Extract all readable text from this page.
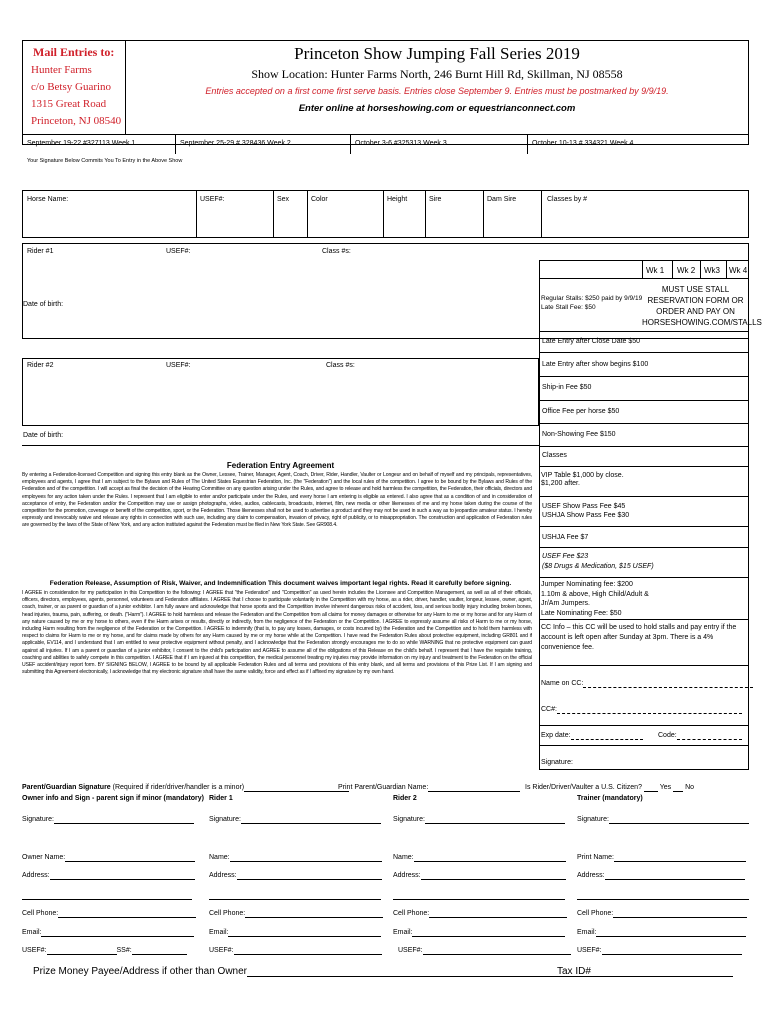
Mail Entries to:
Hunter Farms
c/o Betsy Guarino
1315 Great Road
Princeton, NJ 08540
Princeton Show Jumping Fall Series 2019
Show Location: Hunter Farms North, 246 Burnt Hill Rd, Skillman, NJ 08558
Entries accepted on a first come first serve basis. Entries close September 9. Entries must be postmarked by 9/9/19.
Enter online at horseshowing.com or equestrianconnect.com
September 19-22 #327113 Week 1	September 25-29 # 328436 Week 2	October 3-6 #325313 Week 3	October 10-13 # 334321 Week 4
Your Signature Below Commits You To Entry in the Above Show
Horse Name:	USEF#:	Sex	Color	Height	Sire	Dam Sire	Classes by #
Rider #1	USEF#:	Class #s:
Date of birth:
Rider #2	USEF#:	Class #s:
Date of birth:
Wk 1 Wk 2 Wk3 Wk 4
Regular Stalls: $250 paid by 9/9/19
Late Stall Fee: $50
MUST USE STALL RESERVATION FORM OR ORDER AND PAY ON HORSESHOWING.COM/STALLS
Late Entry after Close Date $50
Late Entry after show begins $100
Ship-in Fee $50
Office Fee per horse $50
Non-Showing Fee $150
Classes
VIP Table $1,000 by close.
$1,200 after.
USEF Show Pass Fee $45
USHJA Show Pass Fee $30
USHJA Fee $7
USEF Fee $23
($8 Drugs & Medication, $15 USEF)
Jumper Nominating fee: $200
1.10m & above, High Child/Adult &
Jr/Am Jumpers.
Late Nominating Fee: $50
CC Info – this CC will be used to hold stalls and pay entry if the account is left open after Sunday at 3pm. There is a 4% convenience fee.
Name on CC:
CC#:
Exp date:	Code:
Signature:
Federation Entry Agreement
By entering a Federation-licensed Competition and signing this entry blank as the Owner, Lessee, Trainer, Manager, Agent, Coach, Driver, Rider, Handler, Vaulter or Longeur and on behalf of myself and my principals, representatives, employees and agents, I agree that I am subject to the Bylaws and Rules of The United States Equestrian Federation, Inc. (the "Federation") and the local rules of the competition. I agree to be bound by the Bylaws and Rules of the Federation and of the competition. I will accept as final the decision of the Hearing Committee on any question arising under the Rules, and agree to release and hold harmless the competition, the Federation, their officials, directors and employees for any action taken under the Rules. I represent that I am eligible to enter and/or participate under the Rules, and every horse I am entering is eligible as entered. I also agree that as a condition of and in consideration of acceptance of entry, the Federation and/or the Competition may use or assign photographs, video, audios, cablecasts, broadcasts, internet, film, new media or other likenesses of me and my horse taken during the course of the competition for the promotion, coverage or benefit of the competition, sport, or the Federation. Those likenesses shall not be used to advertise a product and they may not be used in such a way as to jeopardize amateur status. I hereby expressly and irrevocably waive and release any rights in connection with such use, including any claim to compensation, invasion of privacy, right of publicity, or to misappropriation. The construction and application of Federation rules are governed by the laws of the State of New York, and any action instituted against the Federation must be filed in New York State. See GR908.4.
Federation Release, Assumption of Risk, Waiver, and Indemnification This document waives important legal rights. Read it carefully before signing.
I AGREE in consideration for my participation in this Competition to the following: I AGREE that "the Federation" and "Competition" as used herein includes the Licensee and Competition Management, as well as all of their officials, officers, directors, employees, agents, personnel, volunteers and Federation affiliates. I AGREE that I choose to participate voluntarily in the Competition with my horse, as a rider, driver, handler, vaulter, longeur, lessee, owner, agent, coach, trainer, or as parent or guardian of a junior exhibitor. I am fully aware and acknowledge that horse sports and the Competition involve inherent dangerous risks of accident, loss, and serious bodily injury including broken bones, head injuries, trauma, pain, suffering, or death. ("Harm"). I AGREE to hold harmless and release the Federation and the Competition from all claims for money damages or otherwise for any Harm to me or my horse and for any Harm of any nature caused by me or my horse to others, even if the Harm arises or results, directly or indirectly, from the negligence of the Federation or the Competition. I AGREE to expressly assume all risks of Harm to me or my horse, including Harm resulting from the negligence of the Federation or the Competition. I AGREE to indemnify (that is, to pay any losses, damages, or costs incurred by) the Federation and the Competition and to hold them harmless with respect to claims for Harm to me or my horse, and for claims made by others for any Harm caused by me or my horse while at the Competition. I have read the Federation Rules about protective equipment, including GR801 and if applicable, EV114, and I understand that I am entitled to wear protective equipment without penalty, and I acknowledge that the Federation strongly encourages me to do so while WARNING that no protective equipment can guard against all injuries. If I am a parent or guardian of a junior exhibitor, I consent to the child's participation and AGREE to assume all of the obligations of this Release on the child's behalf. I represent that I have the requisite training, coaching and abilities to safely compete in this competition. I AGREE that if I am injured at this competition, the medical personnel treating my injuries may provide information on my injury and treatment to the Federation on the official USEF accident/injury report form. BY SIGNING BELOW, I AGREE to be bound by all applicable Federation Rules and all terms and provisions of this entry blank, and all terms and provisions of this Prize List. If I am signing and submitting this Agreement electronically, I acknowledge that my electronic signature shall have the same validity, force and effect as if I affixed my signature by my own hand.
Parent/Guardian Signature (Required if rider/driver/handler is a minor)	Print Parent/Guardian Name:	Is Rider/Driver/Vaulter a U.S. Citizen?	Yes No
Owner info and Sign - parent sign if minor (mandatory) Rider 1	Rider 2	Trainer (mandatory)
Signature:	Signature:	Signature:	Signature:
Owner Name:	Name:	Name:	Print Name:
Address:	Address:	Address:	Address:
Cell Phone:	Cell Phone:	Cell Phone:	Cell Phone:
Email:	Email:	Email:	Email:
USEF#:	SS#:	USEF#:	USEF#:	USEF#:
Prize Money Payee/Address if other than Owner	Tax ID#
